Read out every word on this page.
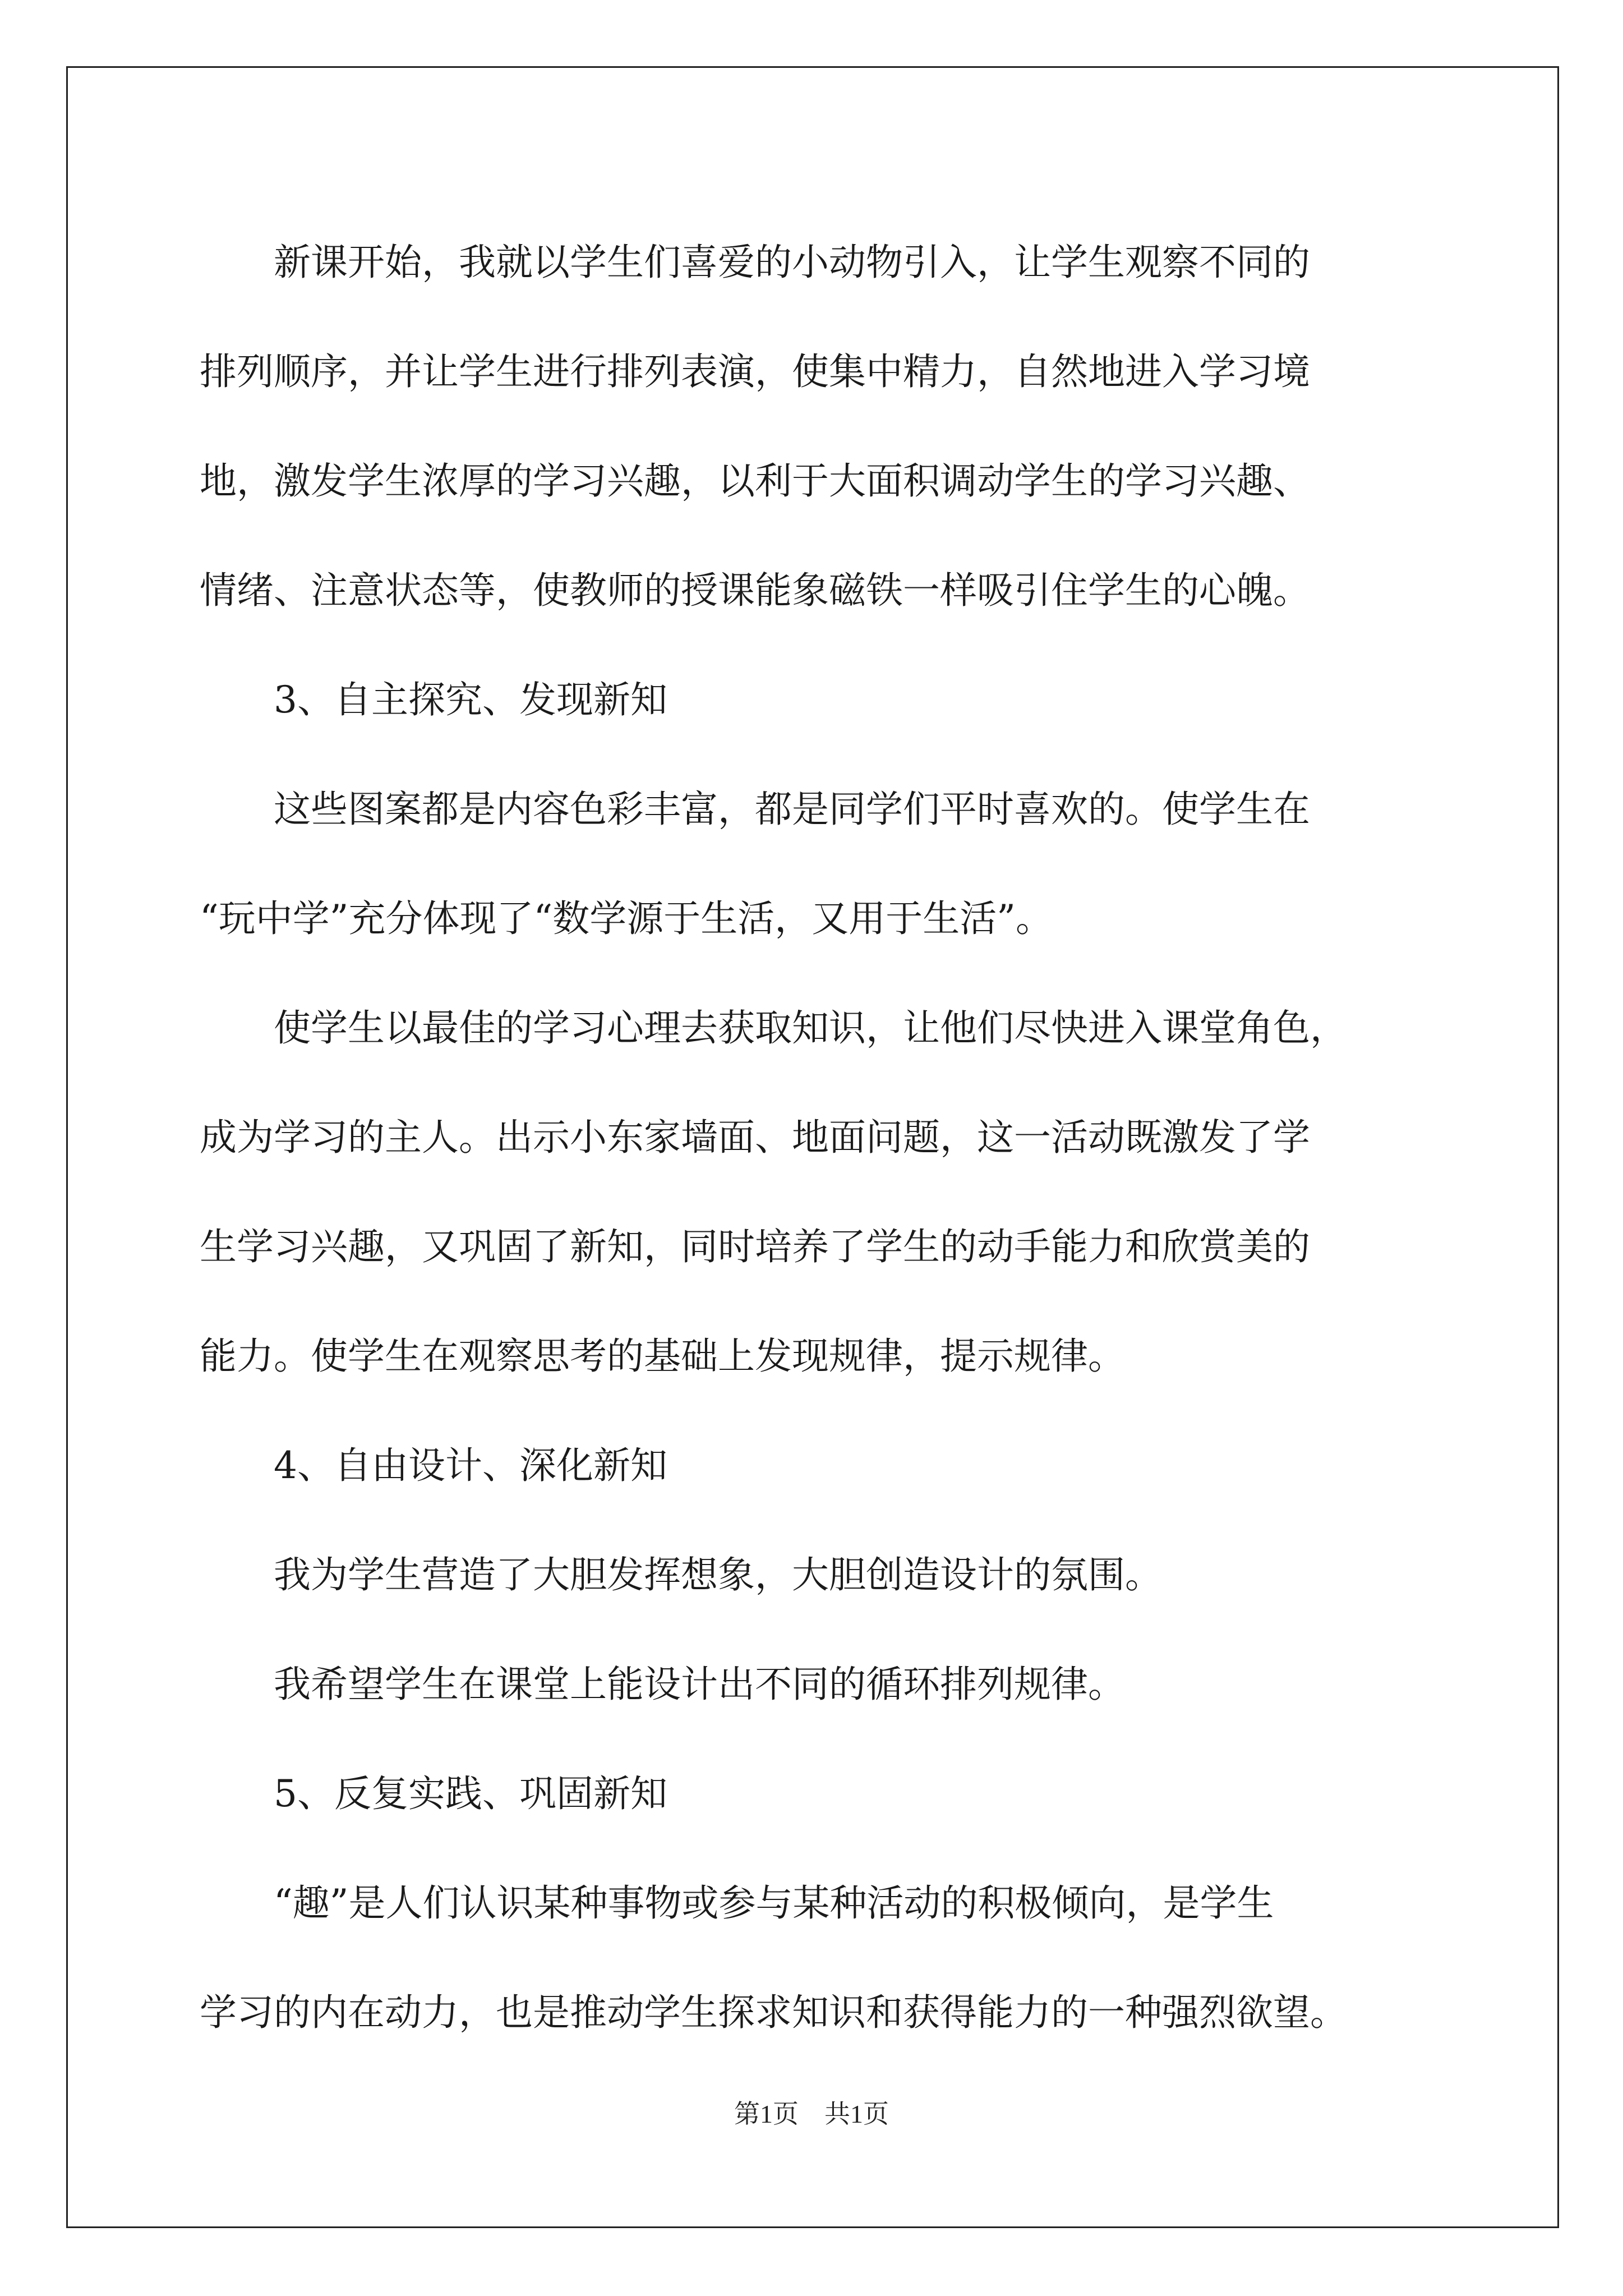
　　新课开始，我就以学生们喜爱的小动物引入，让学生观察不同的

排列顺序，并让学生进行排列表演，使集中精力，自然地进入学习境

地，激发学生浓厚的学习兴趣，以利于大面积调动学生的学习兴趣、

情绪、注意状态等，使教师的授课能象磁铁一样吸引住学生的心魄。

　　3、自主探究、发现新知

　　这些图案都是内容色彩丰富，都是同学们平时喜欢的。使学生在

“玩中学”充分体现了“数学源于生活，又用于生活”。

　　使学生以最佳的学习心理去获取知识，让他们尽快进入课堂角色，

成为学习的主人。出示小东家墙面、地面问题，这一活动既激发了学

生学习兴趣，又巩固了新知，同时培养了学生的动手能力和欣赏美的

能力。使学生在观察思考的基础上发现规律，提示规律。

　　4、自由设计、深化新知

　　我为学生营造了大胆发挥想象，大胆创造设计的氛围。

　　我希望学生在课堂上能设计出不同的循环排列规律。

　　5、反复实践、巩固新知

　　“趣”是人们认识某种事物或参与某种活动的积极倾向，是学生

学习的内在动力，也是推动学生探求知识和获得能力的一种强烈欲望。

第1页　共1页
